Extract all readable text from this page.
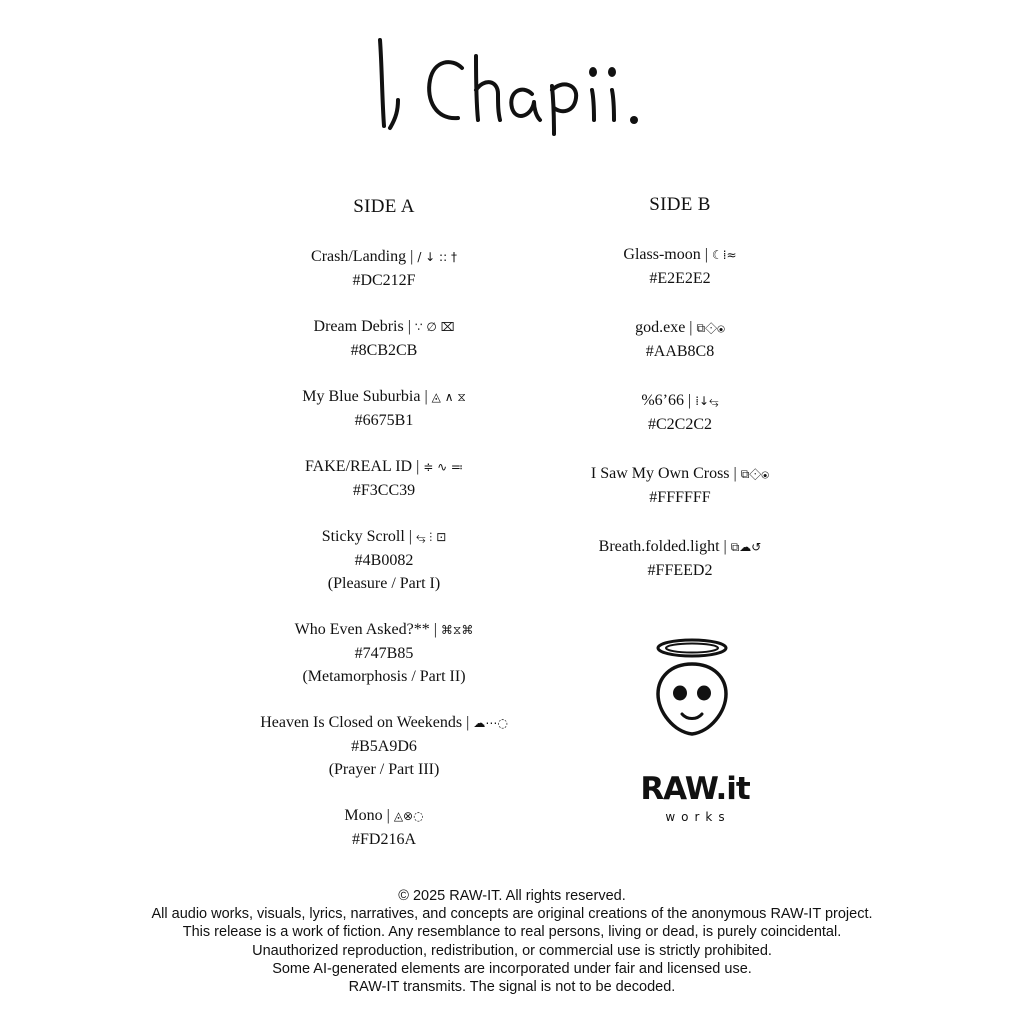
SIDE A
Crash/Landing | / ↓ :: †
#DC212F
Dream Debris | ∵ ∅ ⌧
#8CB2CB
My Blue Suburbia | ◬ ∧ ⧖
#6675B1
FAKE/REAL ID | ≑ ∿ ≕
#F3CC39
Sticky Scroll | ⥃ ⫶ ⊡
#4B0082
(Pleasure / Part I)
Who Even Asked?** | ⌘⧖⌘
#747B85
(Metamorphosis / Part II)
Heaven Is Closed on Weekends | ☁⋯◌
#B5A9D6
(Prayer / Part III)
Mono | ◬⊗◌
#FD216A
SIDE B
Glass-moon | ☾⁞≈
#E2E2E2
god.exe | ⧉⟐⦿
#AAB8C8
%6’66 | ⁞↓⥃
#C2C2C2
I Saw My Own Cross | ⧉⟐⦿
#FFFFFF
Breath.folded.light | ⧉☁↺
#FFEED2
RAW.it
works
© 2025 RAW-IT. All rights reserved.
All audio works, visuals, lyrics, narratives, and concepts are original creations of the anonymous RAW-IT project.
This release is a work of fiction. Any resemblance to real persons, living or dead, is purely coincidental.
Unauthorized reproduction, redistribution, or commercial use is strictly prohibited.
Some AI-generated elements are incorporated under fair and licensed use.
RAW-IT transmits. The signal is not to be decoded.
